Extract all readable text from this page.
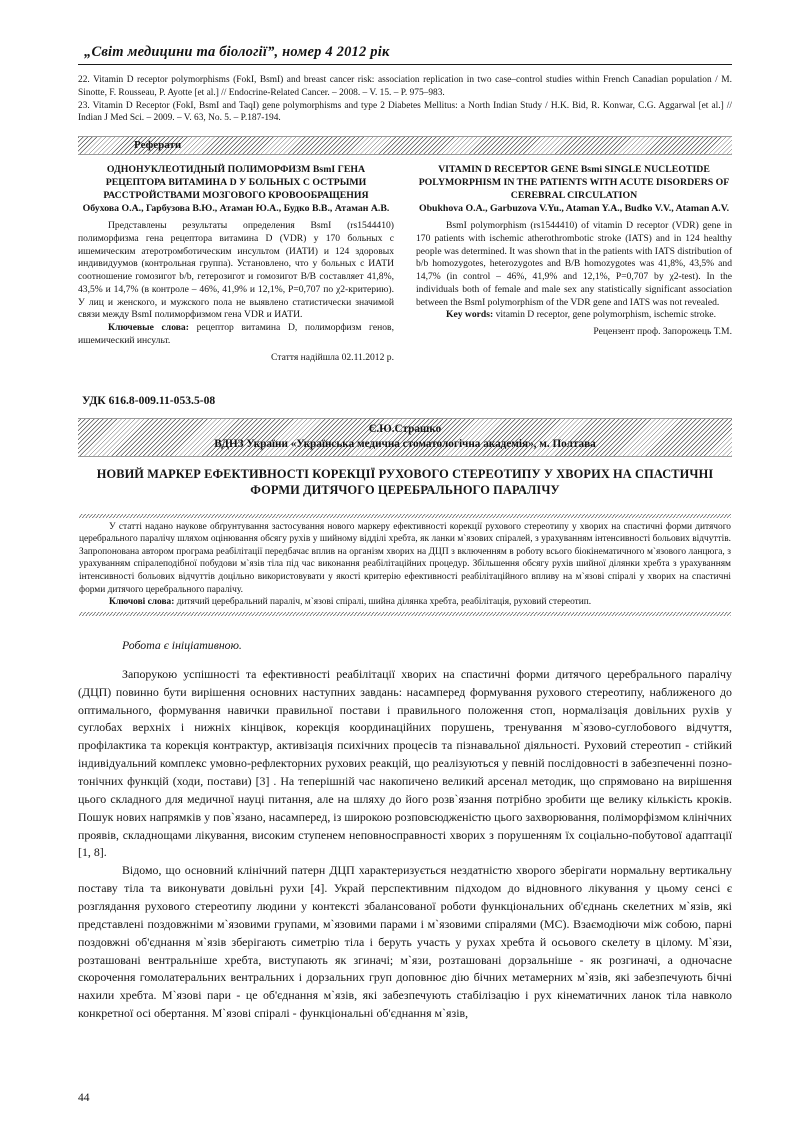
„Світ медицини та біології”, номер 4 2012 рік

22. Vitamin D receptor polymorphisms (FokI, BsmI) and breast cancer risk: association replication in two case–control studies within French Canadian population / M. Sinotte, F. Rousseau, P. Ayotte [et al.] // Endocrine-Related Cancer. – 2008. – V. 15. – P. 975–983.

23. Vitamin D Receptor (FokI, BsmI and TaqI) gene polymorphisms and type 2 Diabetes Mellitus: a North Indian Study / H.K. Bid, R. Konwar, C.G. Aggarwal [et al.] // Indian J Med Sci. – 2009. – V. 63, No. 5. – P.187-194.

Реферати
ОДНОНУКЛЕОТИДНЫЙ ПОЛИМОРФИЗМ BsmI ГЕНА РЕЦЕПТОРА ВИТАМИНА D У БОЛЬНЫХ С ОСТРЫМИ РАССТРОЙСТВАМИ МОЗГОВОГО КРОВООБРАЩЕНИЯ
Обухова О.А., Гарбузова В.Ю., Атаман Ю.А., Будко В.В., Атаман А.В.

Представлены результаты определения BsmI (rs1544410) полиморфизма гена рецептора витамина D (VDR) у 170 больных с ишемическим атеротромботическим инсультом (ИАТИ) и 124 здоровых индивидуумов (контрольная группа). Установлено, что у больных с ИАТИ соотношение гомозигот b/b, гетерозигот и гомозигот B/B составляет 41,8%, 43,5% и 14,7% (в контроле – 46%, 41,9% и 12,1%, Р=0,707 по χ2-критерию). У лиц и женского, и мужского пола не выявлено статистически значимой связи между BsmI полиморфизмом гена VDR и ИАТИ.

Ключевые слова: рецептор витамина D, полиморфизм генов, ишемический инсульт.

Стаття надійшла 02.11.2012 р.

VITAMIN D RECEPTOR GENE Bsmi SINGLE NUCLEOTIDE POLYMORPHISM IN THE PATIENTS WITH ACUTE DISORDERS OF CEREBRAL CIRCULATION
Obukhova O.A., Garbuzova V.Yu., Ataman Y.A., Budko V.V., Ataman A.V.

BsmI polymorphism (rs1544410) of vitamin D receptor (VDR) gene in 170 patients with ischemic atherothrombotic stroke (IATS) and in 124 healthy people was determined. It was shown that in the patients with IATS distribution of b/b homozygotes, heterozygotes and B/B homozygotes was 41,8%, 43,5% and 14,7% (in control – 46%, 41,9% and 12,1%, P=0,707 by χ2-test). In the individuals both of female and male sex any statistically significant association between the BsmI polymorphism of the VDR gene and IATS was not revealed.

Key words: vitamin D receptor, gene polymorphism, ischemic stroke.

Рецензент проф. Запорожець Т.М.

УДК 616.8-009.11-053.5-08
Є.Ю.Страшко
ВДНЗ України «Українська медична стоматологічна академія», м. Полтава
НОВИЙ МАРКЕР ЕФЕКТИВНОСТІ КОРЕКЦІЇ РУХОВОГО СТЕРЕОТИПУ У ХВОРИХ НА СПАСТИЧНІ ФОРМИ ДИТЯЧОГО ЦЕРЕБРАЛЬНОГО ПАРАЛІЧУ

У статті надано наукове обґрунтування застосування нового маркеру ефективності корекції рухового стереотипу у хворих на спастичні форми дитячого церебрального паралічу шляхом оцінювання обсягу рухів у шийному відділі хребта, як ланки м`язових спіралей, з урахуванням інтенсивності больових відчуттів. Запропонована автором програма реабілітації передбачає вплив на організм хворих на ДЦП з включенням в роботу всього біокінематичного м`язового ланцюга, з урахуванням спіралеподібної побудови м`язів тіла під час виконання реабілітаційних процедур. Збільшення обсягу рухів шийної ділянки хребта з урахуванням інтенсивності больових відчуттів доцільно використовувати у якості критерію ефективності реабілітаційного впливу на м`язові спіралі у хворих на спастичні форми дитячого церебрального паралічу.

Ключові слова: дитячий церебральний параліч, м`язові спіралі, шийна ділянка хребта, реабілітація, руховий стереотип.

Робота є ініціативною.

Запорукою успішності та ефективності реабілітації хворих на спастичні форми дитячого церебрального паралічу (ДЦП) повинно бути вирішення основних наступних завдань: насамперед формування рухового стереотипу, наближеного до оптимального, формування навички правильної постави і правильного положення стоп, нормалізація довільних рухів у суглобах верхніх і нижніх кінцівок, корекція координаційних порушень, тренування м`язово-суглобового відчуття, профілактика та корекція контрактур, активізація психічних процесів та пізнавальної діяльності. Руховий стереотип - стійкий індивідуальний комплекс умовно-рефлекторних рухових реакцій, що реалізуються у певній послідовності в забезпеченні позно-тонічних функцій (ходи, постави) [3] . На теперішній час накопичено великий арсенал методик, що спрямовано на вирішення цього складного для медичної науці питання, але на шляху до його розв`язання потрібно зробити ще велику кількість кроків. Пошук нових напрямків у пов`язано, насамперед, із широкою розповсюдженістю цього захворювання, поліморфізмом клінічних проявів, складнощами лікування, високим ступенем неповносправності хворих з порушенням їх соціально-побутової адаптації [1, 8].

Відомо, що основний клінічний патерн ДЦП характеризується нездатністю хворого зберігати нормальну вертикальну поставу тіла та виконувати довільні рухи [4]. Украй перспективним підходом до відновного лікування у цьому сенсі є розглядання рухового стереотипу людини у контексті збалансованої роботи функціональних об'єднань скелетних м`язів, які представлені поздовжніми м`язовими групами, м`язовими парами і м`язовими спіралями (МС). Взаємодіючи між собою, парні поздовжні об'єднання м`язів зберігають симетрію тіла і беруть участь у рухах хребта й осьового скелету в цілому. М`язи, розташовані вентральніше хребта, виступають як згиначі; м`язи, розташовані дорзальніше - як розгиначі, а одночасне скорочення гомолатеральних вентральних і дорзальних груп доповнює дію бічних метамерних м`язів, які забезпечують бічні нахили хребта. М`язові пари - це об'єднання м`язів, які забезпечують стабілізацію і рух кінематичних ланок тіла навколо конкретної осі обертання. М`язові спіралі - функціональні об'єднання м`язів,

44
